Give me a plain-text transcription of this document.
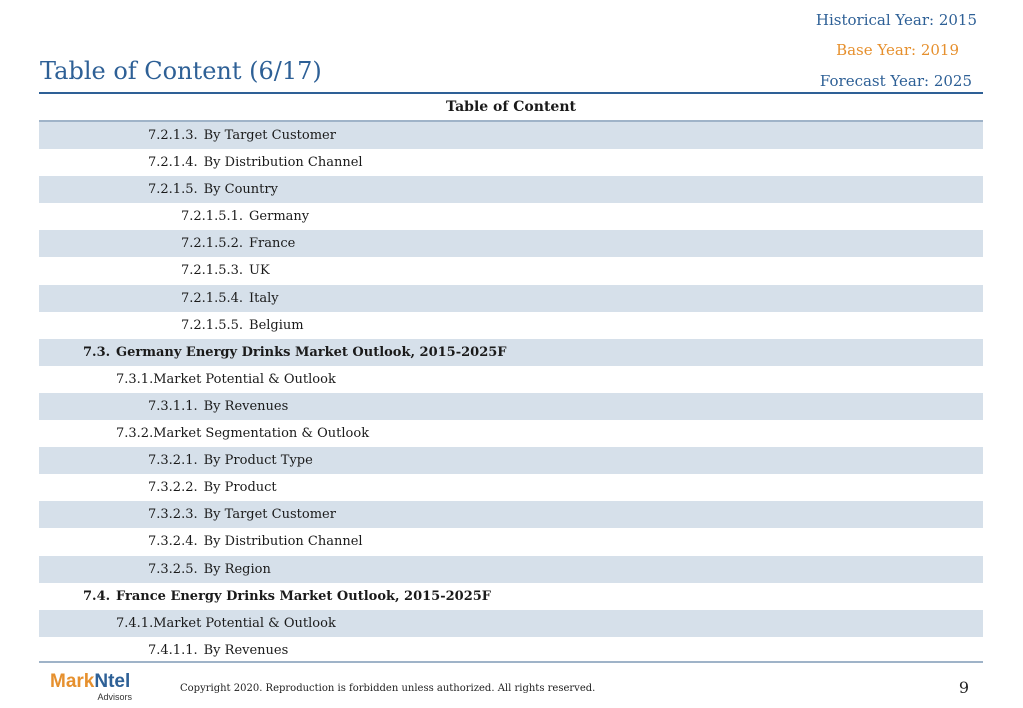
Historical Year: 2015
Base Year: 2019
Forecast Year: 2025
Table of Content (6/17)
Table of Content
7.2.1.3. By Target Customer
7.2.1.4. By Distribution Channel
7.2.1.5. By Country
7.2.1.5.1. Germany
7.2.1.5.2. France
7.2.1.5.3. UK
7.2.1.5.4. Italy
7.2.1.5.5. Belgium
7.3. Germany Energy Drinks Market Outlook, 2015-2025F
7.3.1.Market Potential & Outlook
7.3.1.1. By Revenues
7.3.2.Market Segmentation & Outlook
7.3.2.1. By Product Type
7.3.2.2. By Product
7.3.2.3. By Target Customer
7.3.2.4. By Distribution Channel
7.3.2.5. By Region
7.4. France Energy Drinks Market Outlook, 2015-2025F
7.4.1.Market Potential & Outlook
7.4.1.1. By Revenues
MarkNtel
Advisors
Copyright 2020. Reproduction is forbidden unless authorized. All rights reserved.	9
